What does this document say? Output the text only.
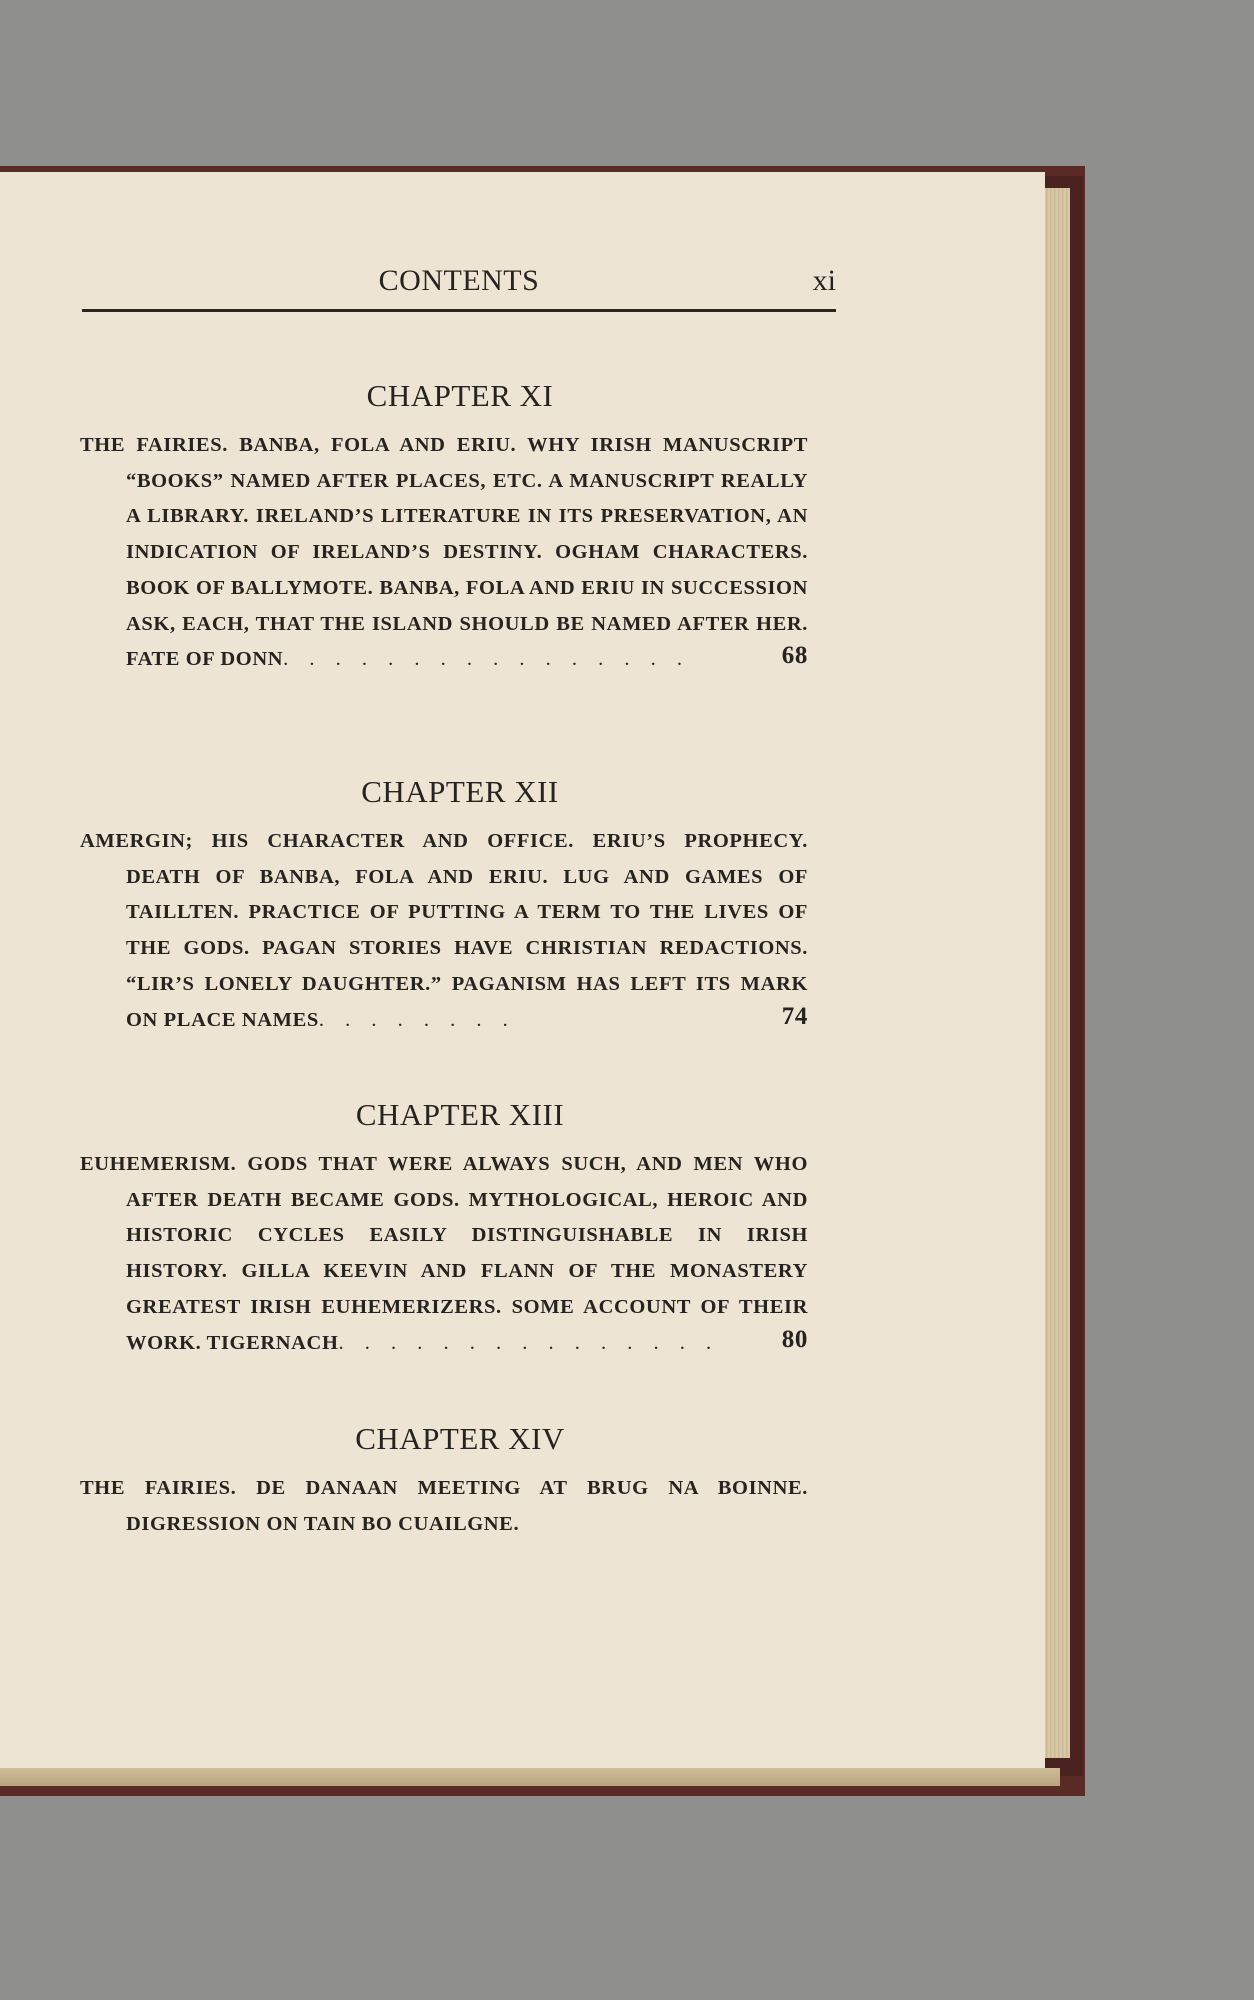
CONTENTS	xi
CHAPTER XI
THE FAIRIES. BANBA, FOLA AND ERIU. WHY IRISH MANUSCRIPT “BOOKS” NAMED AFTER PLACES, ETC. A MANUSCRIPT REALLY A LIBRARY. IRELAND’S LITERATURE IN ITS PRESERVATION, AN INDICATION OF IRELAND’S DESTINY. OGHAM CHARACTERS. BOOK OF BALLYMOTE. BANBA, FOLA AND ERIU IN SUCCESSION ASK, EACH, THAT THE ISLAND SHOULD BE NAMED AFTER HER. FATE OF DONN. . . . . . . . . . . . . . . .	68
CHAPTER XII
AMERGIN; HIS CHARACTER AND OFFICE. ERIU’S PROPHECY. DEATH OF BANBA, FOLA AND ERIU. LUG AND GAMES OF TAILLTEN. PRACTICE OF PUTTING A TERM TO THE LIVES OF THE GODS. PAGAN STORIES HAVE CHRISTIAN REDACTIONS. “LIR’S LONELY DAUGHTER.” PAGANISM HAS LEFT ITS MARK ON PLACE NAMES. . . . . . . .	74
CHAPTER XIII
EUHEMERISM. GODS THAT WERE ALWAYS SUCH, AND MEN WHO AFTER DEATH BECAME GODS. MYTHOLOGICAL, HEROIC AND HISTORIC CYCLES EASILY DISTINGUISHABLE IN IRISH HISTORY. GILLA KEEVIN AND FLANN OF THE MONASTERY GREATEST IRISH EUHEMERIZERS. SOME ACCOUNT OF THEIR WORK. TIGERNACH. . . . . . . . . . . . . . .	80
CHAPTER XIV
THE FAIRIES. DE DANAAN MEETING AT BRUG NA BOINNE. DIGRESSION ON TAIN BO CUAILGNE.
